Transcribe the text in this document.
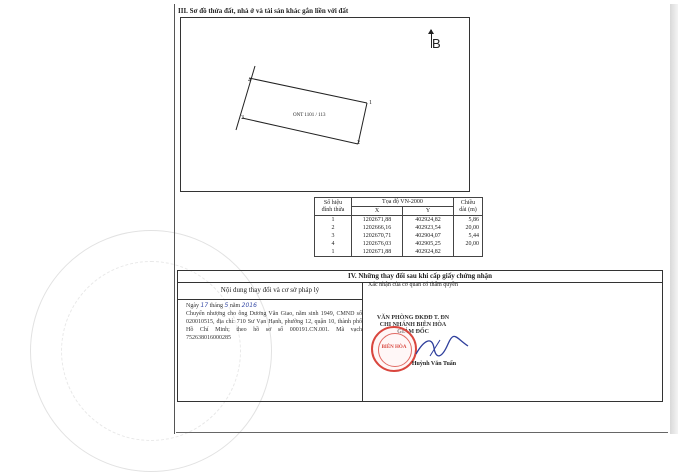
III. Sơ đồ thửa đất, nhà ở và tài sản khác gắn liền với đất
4
1
3
2
ONT 1101 / 113
B
Số hiệu đỉnh thửa	Tọa độ VN-2000		Chiều dài (m)
	X	Y	
1	1202671,88	402924,82	5,86
2	1202666,16	402923,54	20,00
3	1202670,71	402904,07	5,44
4	1202676,03	402905,25	20,00
1	1202671,88	402924,82	
IV. Những thay đổi sau khi cấp giấy chứng nhận
Nội dung thay đổi và cơ sở pháp lý
Xác nhận của cơ quan có thẩm quyền
Ngày 17 tháng 5 năm 2016
Chuyển nhượng cho ông Dương Văn Giao, năm sinh 1949, CMND số 020010515, địa chỉ: 710 Sư Vạn Hạnh, phường 12, quận 10, thành phố Hồ Chí Minh; theo hồ sơ số 000191.CN.001. Mã vạch 752638016000285
VĂN PHÒNG ĐKĐĐ T. ĐN
CHI NHÁNH BIÊN HÒA
GIÁM ĐỐC
BIÊN HÒA
Huỳnh Văn Tuấn
